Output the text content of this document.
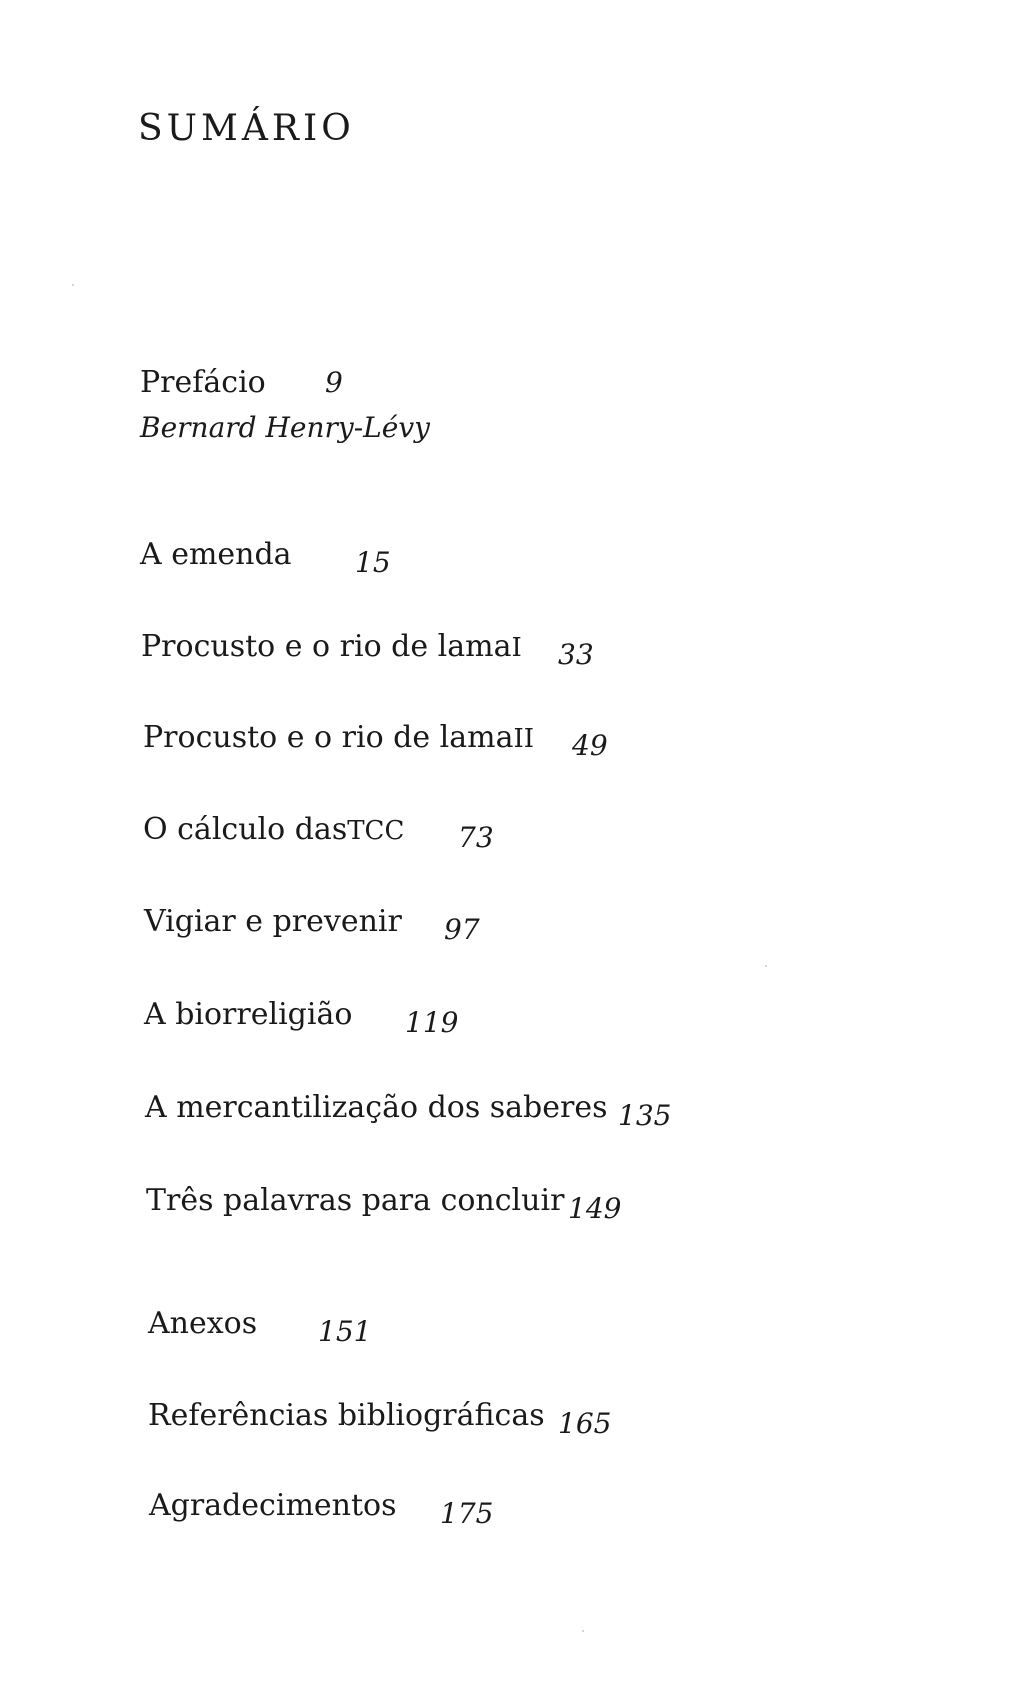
SUMÁRIO
Prefácio 9
Bernard Henry-Lévy
A emenda 15
Procusto e o rio de lamaI 33
Procusto e o rio de lamaII 49
O cálculo dasTCC 73
Vigiar e prevenir 97
A biorreligião 119
A mercantilização dos saberes 135
Três palavras para concluir 149
Anexos 151
Referências bibliográficas 165
Agradecimentos 175
